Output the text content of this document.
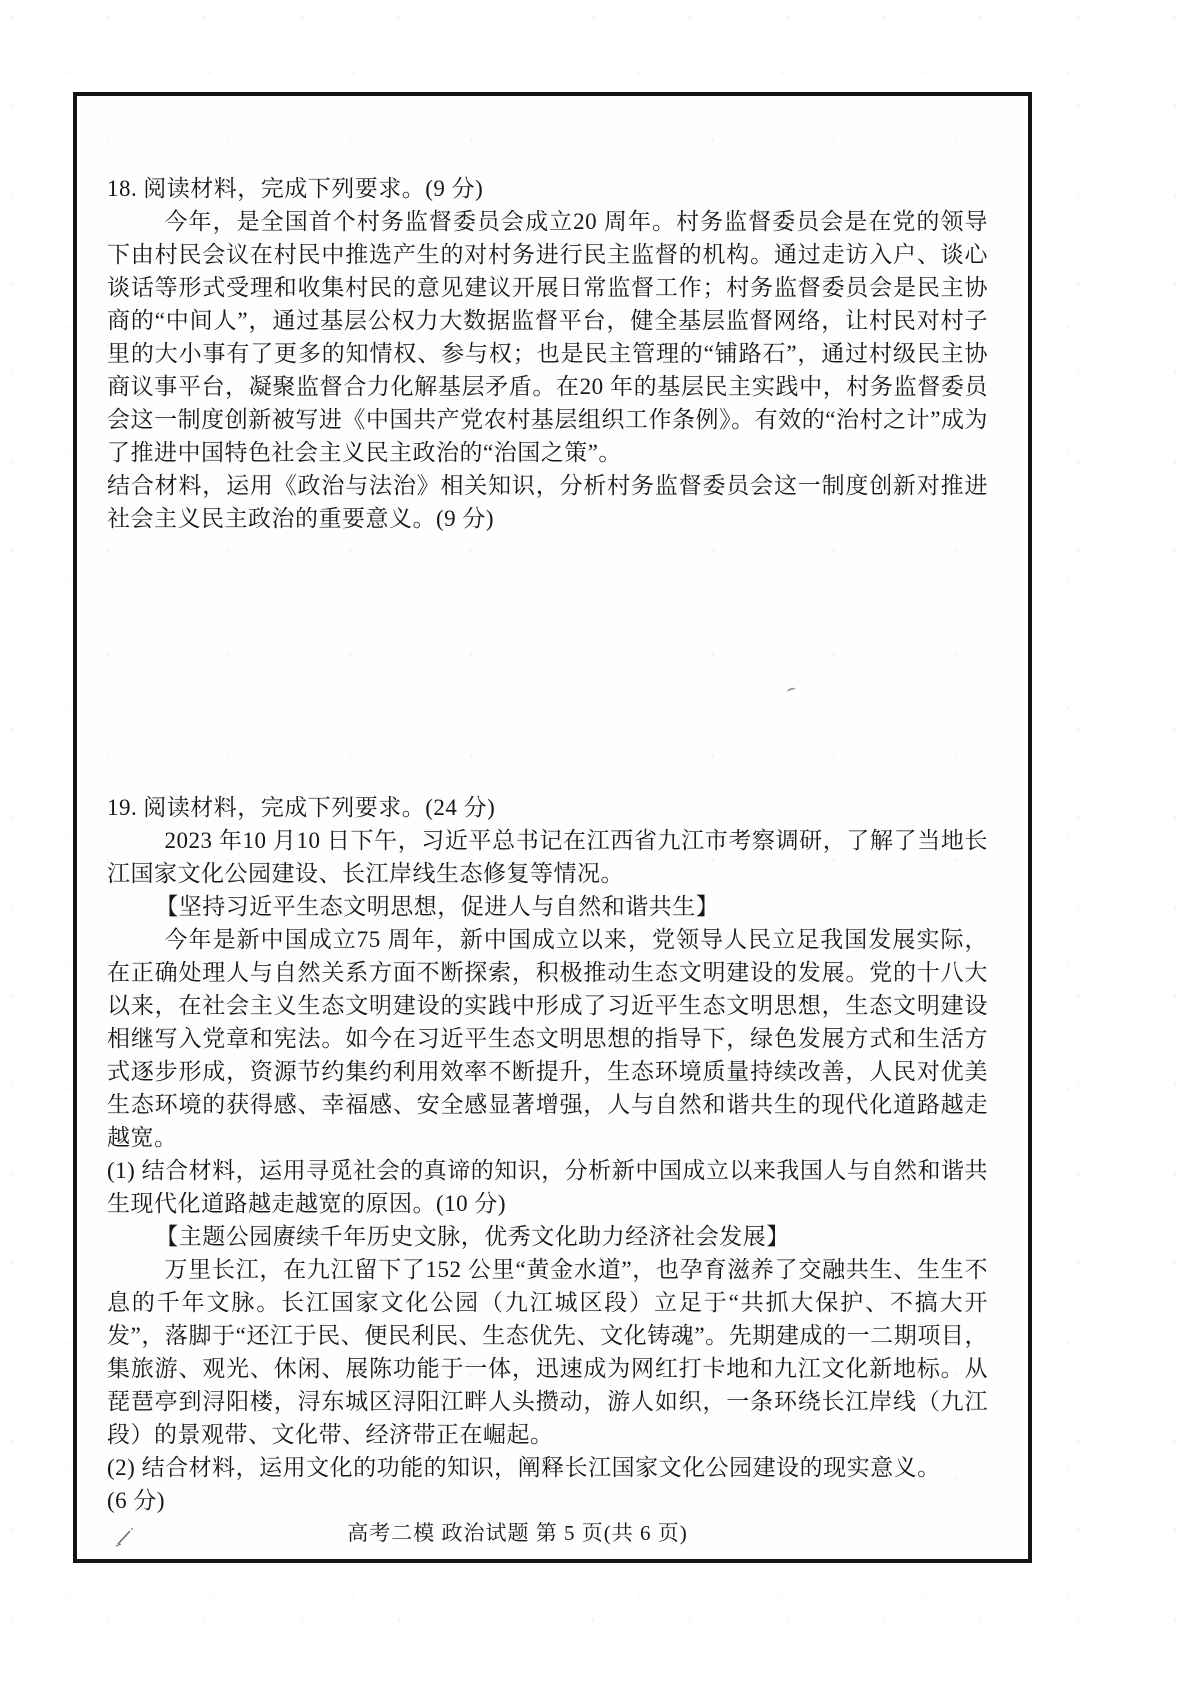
18. 阅读材料，完成下列要求。(9 分)

今年，是全国首个村务监督委员会成立20 周年。村务监督委员会是在党的领导下由村民会议在村民中推选产生的对村务进行民主监督的机构。通过走访入户、谈心谈话等形式受理和收集村民的意见建议开展日常监督工作；村务监督委员会是民主协商的“中间人”，通过基层公权力大数据监督平台，健全基层监督网络，让村民对村子里的大小事有了更多的知情权、参与权；也是民主管理的“铺路石”，通过村级民主协商议事平台，凝聚监督合力化解基层矛盾。在20 年的基层民主实践中，村务监督委员会这一制度创新被写进《中国共产党农村基层组织工作条例》。有效的“治村之计”成为了推进中国特色社会主义民主政治的“治国之策”。

结合材料，运用《政治与法治》相关知识，分析村务监督委员会这一制度创新对推进社会主义民主政治的重要意义。(9 分)

19. 阅读材料，完成下列要求。(24 分)

2023 年10 月10 日下午，习近平总书记在江西省九江市考察调研，了解了当地长江国家文化公园建设、长江岸线生态修复等情况。

【坚持习近平生态文明思想，促进人与自然和谐共生】

今年是新中国成立75 周年，新中国成立以来，党领导人民立足我国发展实际，在正确处理人与自然关系方面不断探索，积极推动生态文明建设的发展。党的十八大以来，在社会主义生态文明建设的实践中形成了习近平生态文明思想，生态文明建设相继写入党章和宪法。如今在习近平生态文明思想的指导下，绿色发展方式和生活方式逐步形成，资源节约集约利用效率不断提升，生态环境质量持续改善，人民对优美生态环境的获得感、幸福感、安全感显著增强，人与自然和谐共生的现代化道路越走越宽。

(1) 结合材料，运用寻觅社会的真谛的知识，分析新中国成立以来我国人与自然和谐共生现代化道路越走越宽的原因。(10 分)

【主题公园赓续千年历史文脉，优秀文化助力经济社会发展】

万里长江，在九江留下了152 公里“黄金水道”，也孕育滋养了交融共生、生生不息的千年文脉。长江国家文化公园（九江城区段）立足于“共抓大保护、不搞大开发”，落脚于“还江于民、便民利民、生态优先、文化铸魂”。先期建成的一二期项目，集旅游、观光、休闲、展陈功能于一体，迅速成为网红打卡地和九江文化新地标。从琵琶亭到浔阳楼，浔东城区浔阳江畔人头攒动，游人如织，一条环绕长江岸线（九江段）的景观带、文化带、经济带正在崛起。

(2) 结合材料，运用文化的功能的知识，阐释长江国家文化公园建设的现实意义。

(6 分)

高考二模 政治试题 第 5 页(共 6 页)
